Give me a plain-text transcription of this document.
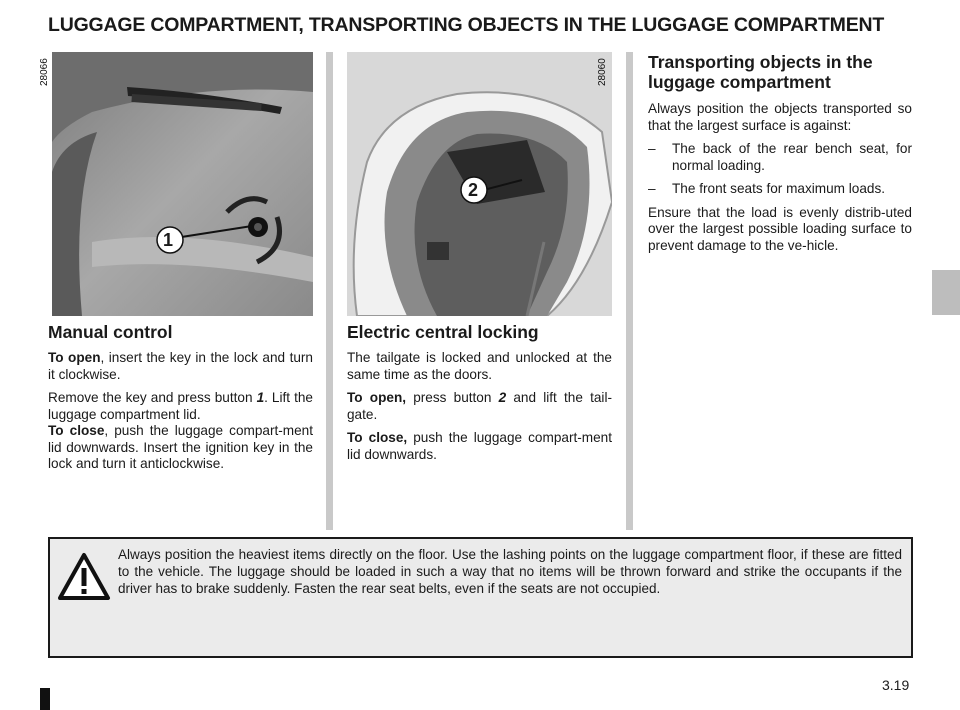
LUGGAGE COMPARTMENT, TRANSPORTING OBJECTS IN THE LUGGAGE COMPARTMENT
1
28066
2
28060
Manual control

To open, insert the key in the lock and turn it clockwise.

Remove the key and press button 1. Lift the luggage compartment lid.

To close, push the luggage compart-ment lid downwards. Insert the ignition key in the lock and turn it anticlockwise.

Electric central locking

The tailgate is locked and unlocked at the same time as the doors.

To open, press button 2 and lift the tail-gate.

To close, push the luggage compart-ment lid downwards.

Transporting objects in the luggage compartment

Always position the objects transported so that the largest surface is against:

–	The back of the rear bench seat, for normal loading.
–	The front seats for maximum loads.

Ensure that the load is evenly distrib-uted over the largest possible loading surface to prevent damage to the ve-hicle.

Always position the heaviest items directly on the floor. Use the lashing points on the luggage compartment floor, if these are fitted to the vehicle. The luggage should be loaded in such a way that no items will be thrown forward and strike the occupants if the driver has to brake suddenly. Fasten the rear seat belts, even if the seats are not occupied.
3.19
